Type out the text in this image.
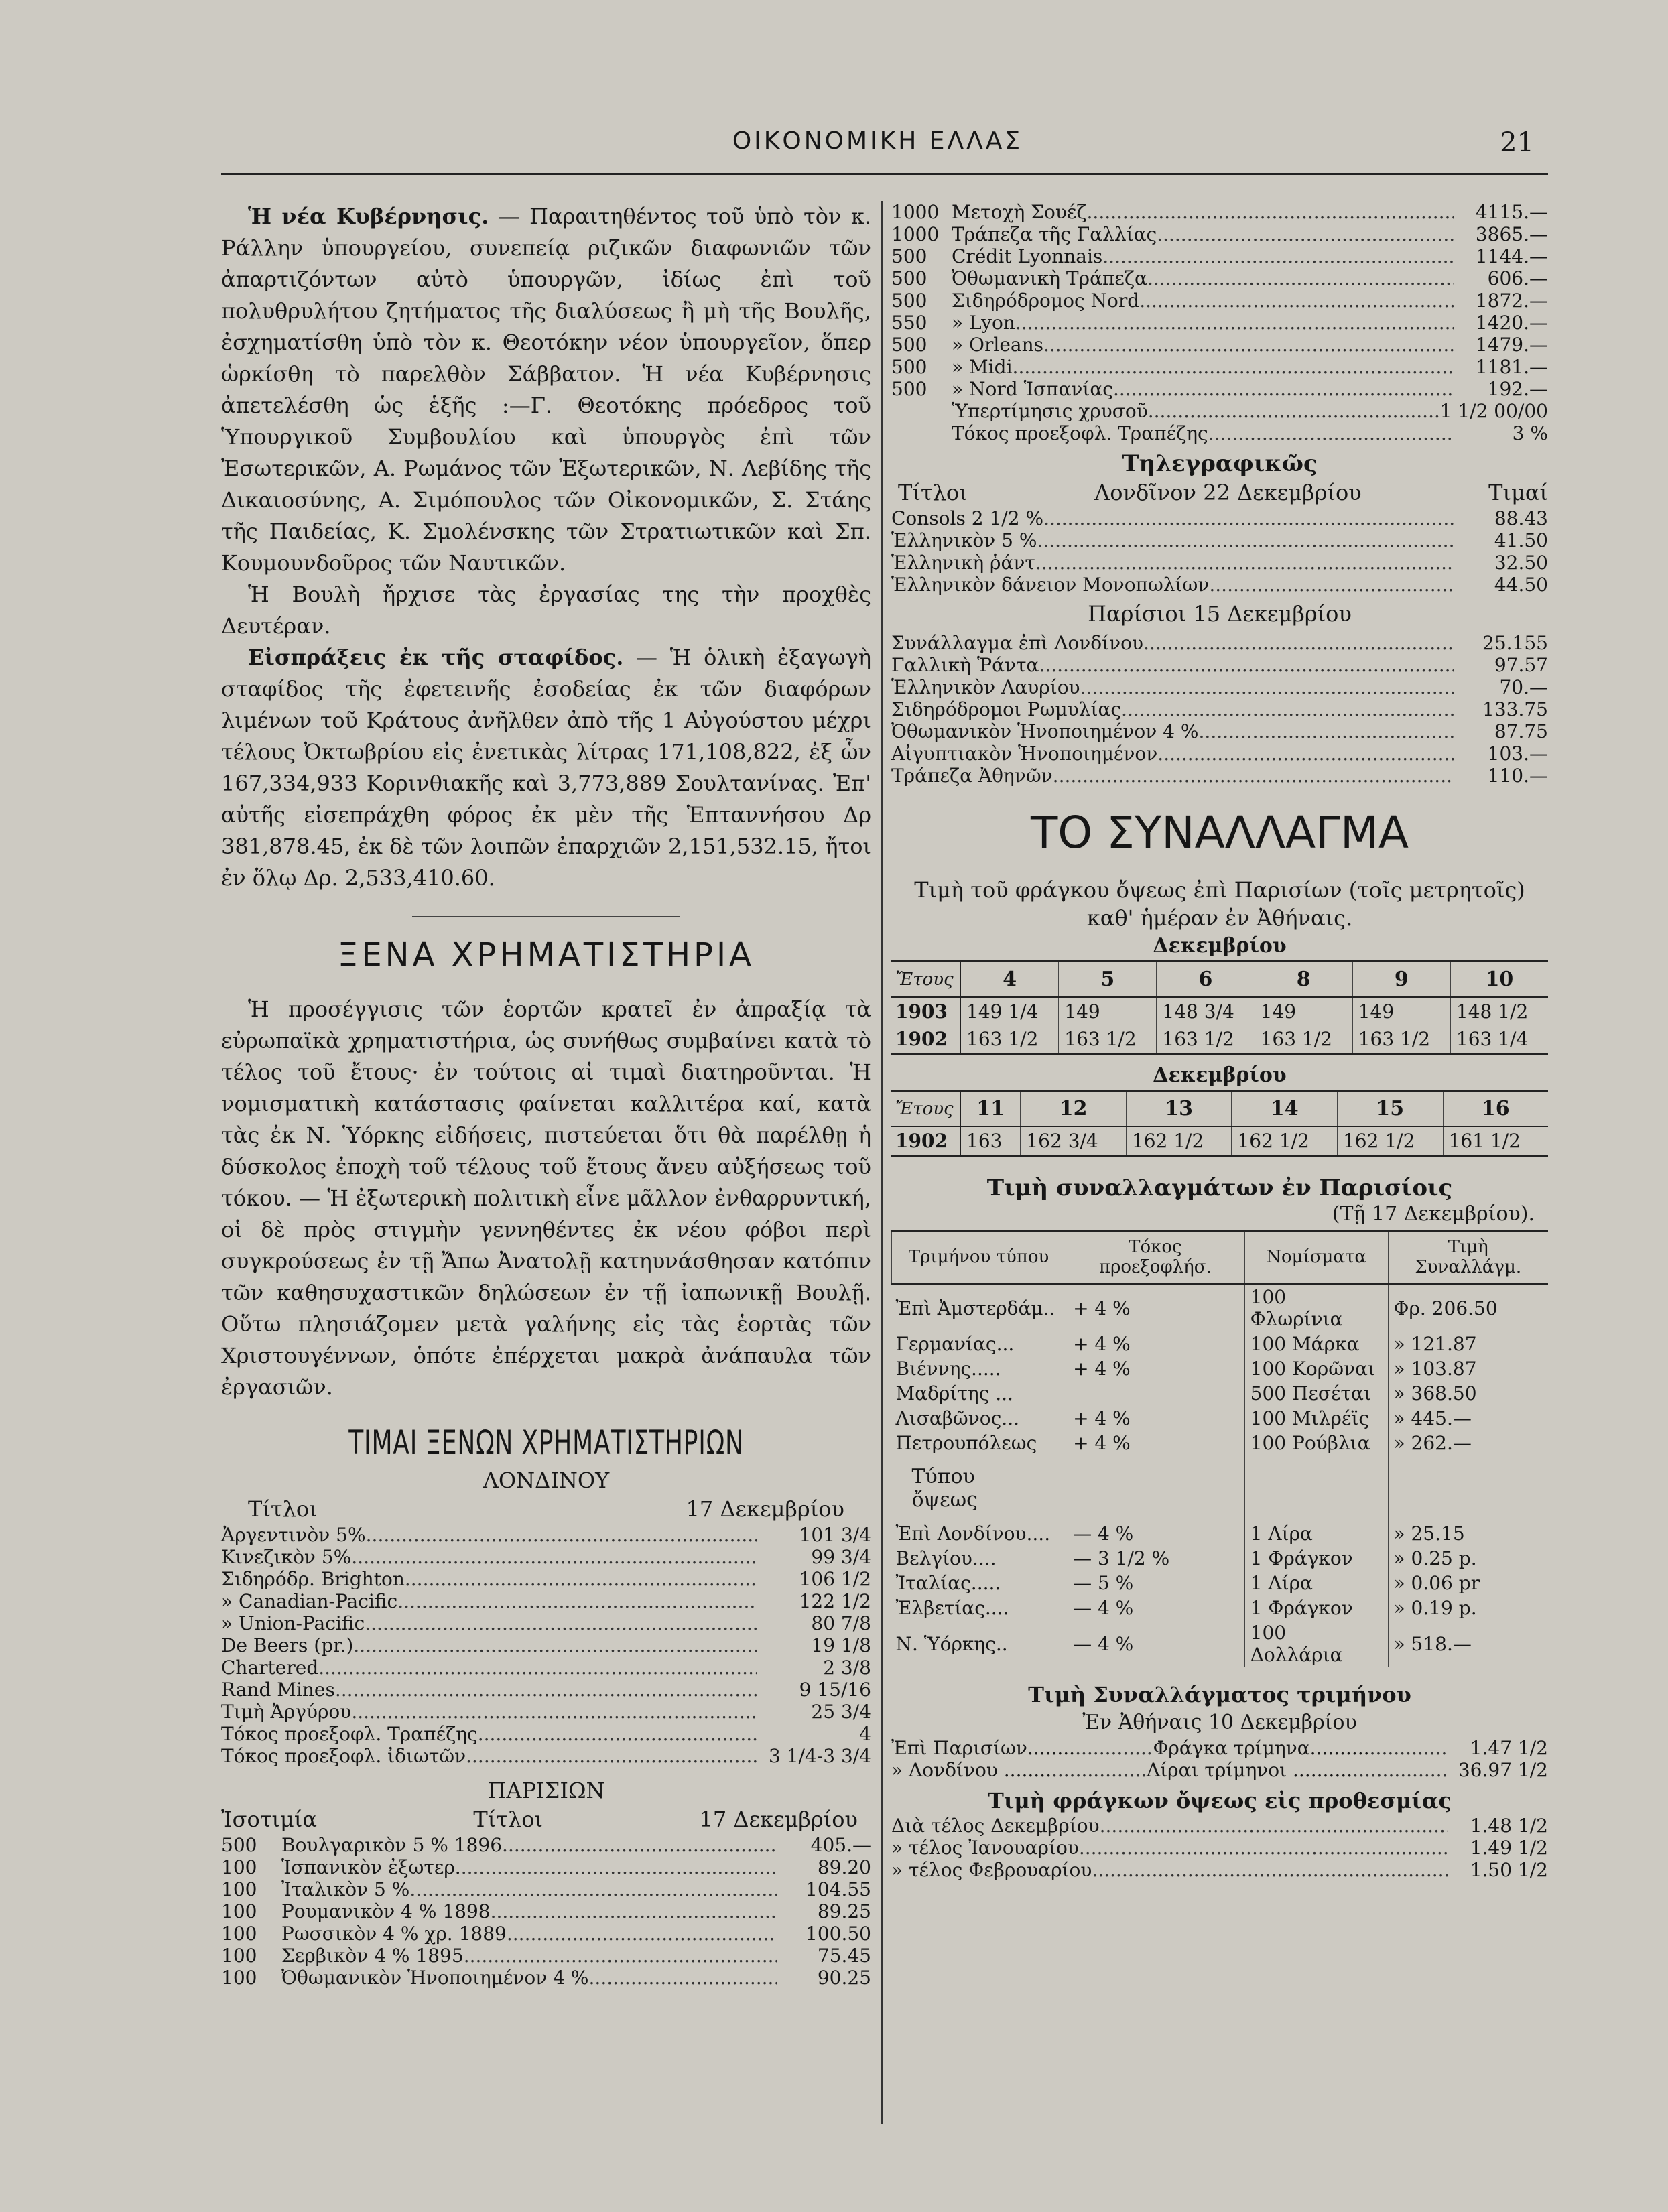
ΟΙΚΟΝΟΜΙΚΗ ΕΛΛΑΣ	21

Ἡ νέα Κυβέρνησις. — Παραιτηθέντος τοῦ ὑπὸ τὸν κ. Ράλλην ὑπουργείου, συνεπείᾳ ριζικῶν διαφωνιῶν τῶν ἀπαρτιζόντων αὐτὸ ὑπουργῶν, ἰδίως ἐπὶ τοῦ πολυθρυλήτου ζητήματος τῆς διαλύσεως ἢ μὴ τῆς Βουλῆς, ἐσχηματίσθη ὑπὸ τὸν κ. Θεοτόκην νέον ὑπουργεῖον, ὅπερ ὡρκίσθη τὸ παρελθὸν Σάββατον. Ἡ νέα Κυβέρνησις ἀπετελέσθη ὡς ἑξῆς :—Γ. Θεοτόκης πρόεδρος τοῦ Ὑπουργικοῦ Συμβουλίου καὶ ὑπουργὸς ἐπὶ τῶν Ἐσωτερικῶν, Α. Ρωμάνος τῶν Ἐξωτερικῶν, Ν. Λεβίδης τῆς Δικαιοσύνης, Α. Σιμόπουλος τῶν Οἰκονομικῶν, Σ. Στάης τῆς Παιδείας, Κ. Σμολένσκης τῶν Στρατιωτικῶν καὶ Σπ. Κουμουνδοῦρος τῶν Ναυτικῶν.

Ἡ Βουλὴ ἤρχισε τὰς ἐργασίας της τὴν προχθὲς Δευτέραν.

Εἰσπράξεις ἐκ τῆς σταφίδος. — Ἡ ὁλικὴ ἐξαγωγὴ σταφίδος τῆς ἐφετεινῆς ἐσοδείας ἐκ τῶν διαφόρων λιμένων τοῦ Κράτους ἀνῆλθεν ἀπὸ τῆς 1 Αὐγούστου μέχρι τέλους Ὀκτωβρίου εἰς ἐνετικὰς λίτρας 171,108,822, ἐξ ὧν 167,334,933 Κορινθιακῆς καὶ 3,773,889 Σουλτανίνας. Ἐπ' αὐτῆς εἰσεπράχθη φόρος ἐκ μὲν τῆς Ἑπταννήσου Δρ 381,878.45, ἐκ δὲ τῶν λοιπῶν ἐπαρχιῶν 2,151,532.15, ἤτοι ἐν ὅλῳ Δρ. 2,533,410.60.

ΞΕΝΑ ΧΡΗΜΑΤΙΣΤΗΡΙΑ

Ἡ προσέγγισις τῶν ἑορτῶν κρατεῖ ἐν ἀπραξίᾳ τὰ εὐρωπαϊκὰ χρηματιστήρια, ὡς συνήθως συμβαίνει κατὰ τὸ τέλος τοῦ ἔτους· ἐν τούτοις αἱ τιμαὶ διατηροῦνται. Ἡ νομισματικὴ κατάστασις φαίνεται καλλιτέρα καί, κατὰ τὰς ἐκ Ν. Ὑόρκης εἰδήσεις, πιστεύεται ὅτι θὰ παρέλθῃ ἡ δύσκολος ἐποχὴ τοῦ τέλους τοῦ ἔτους ἄνευ αὐξήσεως τοῦ τόκου. — Ἡ ἐξωτερικὴ πολιτικὴ εἶνε μᾶλλον ἐνθαρρυντική, οἱ δὲ πρὸς στιγμὴν γεννηθέντες ἐκ νέου φόβοι περὶ συγκρούσεως ἐν τῇ Ἄπω Ἀνατολῇ κατηυνάσθησαν κατόπιν τῶν καθησυχαστικῶν δηλώσεων ἐν τῇ ἰαπωνικῇ Βουλῇ. Οὕτω πλησιάζομεν μετὰ γαλήνης εἰς τὰς ἑορτὰς τῶν Χριστουγέννων, ὁπότε ἐπέρχεται μακρὰ ἀνάπαυλα τῶν ἐργασιῶν.

ΤΙΜΑΙ ΞΕΝΩΝ ΧΡΗΜΑΤΙΣΤΗΡΙΩΝ
ΛΟΝΔΙΝΟΥ
Τίτλοι	17 Δεκεμβρίου
Ἀργεντινὸν 5% .....	101 3/4
Κινεζικὸν 5% .....	99 3/4
Σιδηρόδρ. Brighton .....	106 1/2
» Canadian-Pacific .....	122 1/2
» Union-Pacific .....	80 7/8
De Beers (pr.) .....	19 1/8
Chartered .....	2 3/8
Rand Mines .....	9 15/16
Τιμὴ Ἀργύρου .....	25 3/4
Τόκος προεξοφλ. Τραπέζης .....	4
Τόκος προεξοφλ. ἰδιωτῶν .....	3 1/4-3 3/4
ΠΑΡΙΣΙΩΝ
Ἰσοτιμία	Τίτλοι	17 Δεκεμβρίου
500	Βουλγαρικὸν 5 % 1896 .....	405.—
100	Ἱσπανικὸν ἐξωτερ. .....	89.20
100	Ἰταλικὸν 5 % .....	104.55
100	Ρουμανικὸν 4 % 1898 .....	89.25
100	Ρωσσικὸν 4 % χρ. 1889 .....	100.50
100	Σερβικὸν 4 % 1895 .....	75.45
100	Ὀθωμανικὸν Ἡνοποιημένον 4 % .....	90.25
1000 Μετοχὴ Σουέζ .....	4115.—
1000 Τράπεζα τῆς Γαλλίας .....	3865.—
500	Crédit Lyonnais .....	1144.—
500	Ὀθωμανικὴ Τράπεζα .....	606.—
500	Σιδηρόδρομος Nord .....	1872.—
550	» Lyon .....	1420.—
500	» Orleans .....	1479.—
500	» Midi .....	1181.—
500	» Nord Ἱσπανίας .....	192.—
Ὑπερτίμησις χρυσοῦ .....	1 1/2 00/00
Τόκος προεξοφλ. Τραπέζης .....	3 %
Τηλεγραφικῶς
Τίτλοι	Λονδῖνον 22 Δεκεμβρίου	Τιμαί
Consols 2 1/2 % .....	88.43
Ἑλληνικὸν 5 % .....	41.50
Ἑλληνικὴ ῥάντ .....	32.50
Ἑλληνικὸν δάνειον Μονοπωλίων .....	44.50
Παρίσιοι 15 Δεκεμβρίου
Συνάλλαγμα ἐπὶ Λονδίνου .....	25.155
Γαλλικὴ Ῥάντα .....	97.57
Ἑλληνικὸν Λαυρίου .....	70.—
Σιδηρόδρομοι Ρωμυλίας .....	133.75
Ὀθωμανικὸν Ἡνοποιημένον 4 % .....	87.75
Αἰγυπτιακὸν Ἡνοποιημένον .....	103.—
Τράπεζα Ἀθηνῶν .....	110.—
ΤΟ ΣΥΝΑΛΛΑΓΜΑ
Τιμὴ τοῦ φράγκου ὄψεως ἐπὶ Παρισίων (τοῖς μετρητοῖς)
καθ' ἡμέραν ἐν Ἀθήναις.
Δεκεμβρίου
Ἔτους	4	5	6	8	9	10
1903	149 1/4	149	148 3/4	149	149	148 1/2
1902	163 1/2	163 1/2	163 1/2	163 1/2	163 1/2	163 1/4
Δεκεμβρίου
Ἔτους	11	12	13	14	15	16
1902	163	162 3/4	162 1/2	162 1/2	162 1/2	161 1/2
Τιμὴ συναλλαγμάτων ἐν Παρισίοις
(Τῇ 17 Δεκεμβρίου).
Τριμήνου τύπου	Τόκος προεξοφλήσ.	Νομίσματα	Τιμὴ Συναλλάγμ.
Ἐπὶ Ἀμστερδάμ..	+ 4 %	100 Φλωρίνια	Φρ. 206.50
Γερμανίας...	+ 4 %	100 Μάρκα	» 121.87
Βιέννης.....	+ 4 %	100 Κορῶναι	» 103.87
Μαδρίτης ...		500 Πεσέται	» 368.50
Λισαβῶνος...	+ 4 %	100 Μιλρέϊς	» 445.—
Πετρουπόλεως	+ 4 %	100 Ρούβλια	» 262.—
Τύπου ὄψεως			
Ἐπὶ Λονδίνου....	— 4 %	1 Λίρα	» 25.15
Βελγίου....	— 3 1/2 %	1 Φράγκον	» 0.25 p.
Ἰταλίας.....	— 5 %	1 Λίρα	» 0.06 pr
Ἐλβετίας....	— 4 %	1 Φράγκον	» 0.19 p.
Ν. Ὑόρκης..	— 4 %	100 Δολλάρια	» 518.—
Τιμὴ Συναλλάγματος τριμήνου
Ἐν Ἀθήναις 10 Δεκεμβρίου
Ἐπὶ Παρισίων........ .....	Φράγκα τρίμηνα.......... .....	1.47 1/2
» Λονδίνου ........ .....	Λίραι τρίμηνοι .......... .....	36.97 1/2
Τιμὴ φράγκων ὄψεως εἰς προθεσμίας
Διὰ τέλος Δεκεμβρίου .....	1.48 1/2
» τέλος Ἰανουαρίου .....	1.49 1/2
» τέλος Φεβρουαρίου .....	1.50 1/2
